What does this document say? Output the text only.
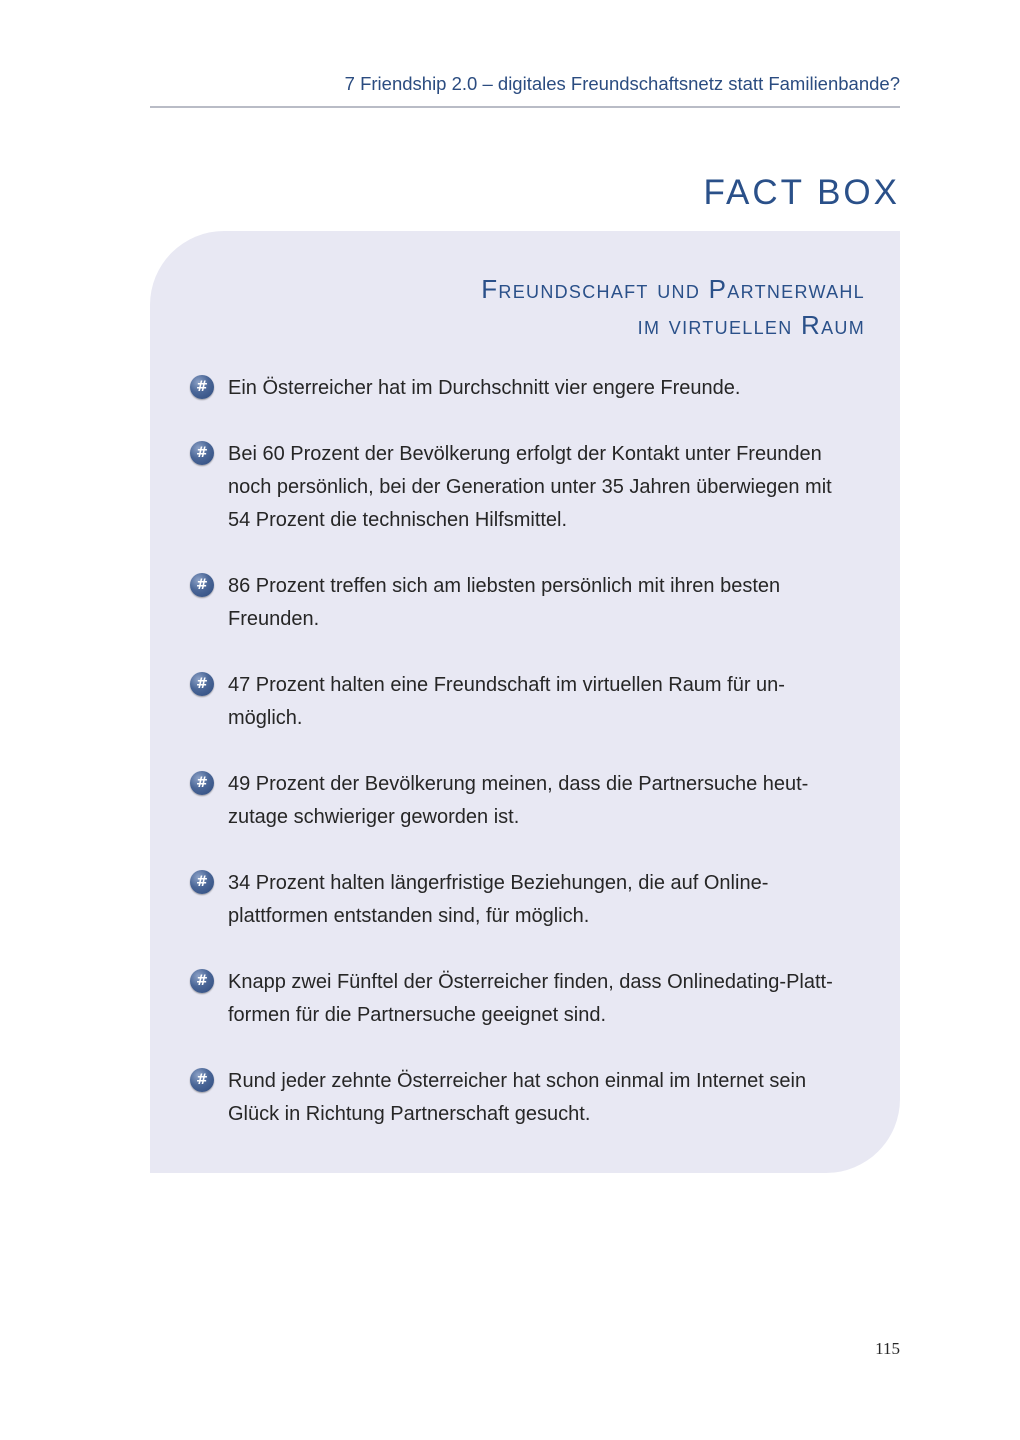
7 Friendship 2.0 – digitales Freundschaftsnetz statt Familienbande?
FACT BOX
Freundschaft und Partnerwahl
im virtuellen Raum
#	Ein Österreicher hat im Durchschnitt vier engere Freunde.
#	Bei 60 Prozent der Bevölkerung erfolgt der Kontakt unter Freunden
noch persönlich, bei der Generation unter 35 Jahren überwiegen mit
54 Prozent die technischen Hilfsmittel.
#	86 Prozent treffen sich am liebsten persönlich mit ihren besten
Freunden.
#	47 Prozent halten eine Freundschaft im virtuellen Raum für un-
möglich.
#	49 Prozent der Bevölkerung meinen, dass die Partnersuche heut-
zutage schwieriger geworden ist.
#	34 Prozent halten längerfristige Beziehungen, die auf Online-
plattformen entstanden sind, für möglich.
#	Knapp zwei Fünftel der Österreicher finden, dass Onlinedating-Platt-
formen für die Partnersuche geeignet sind.
#	Rund jeder zehnte Österreicher hat schon einmal im Internet sein
Glück in Richtung Partnerschaft gesucht.
115
